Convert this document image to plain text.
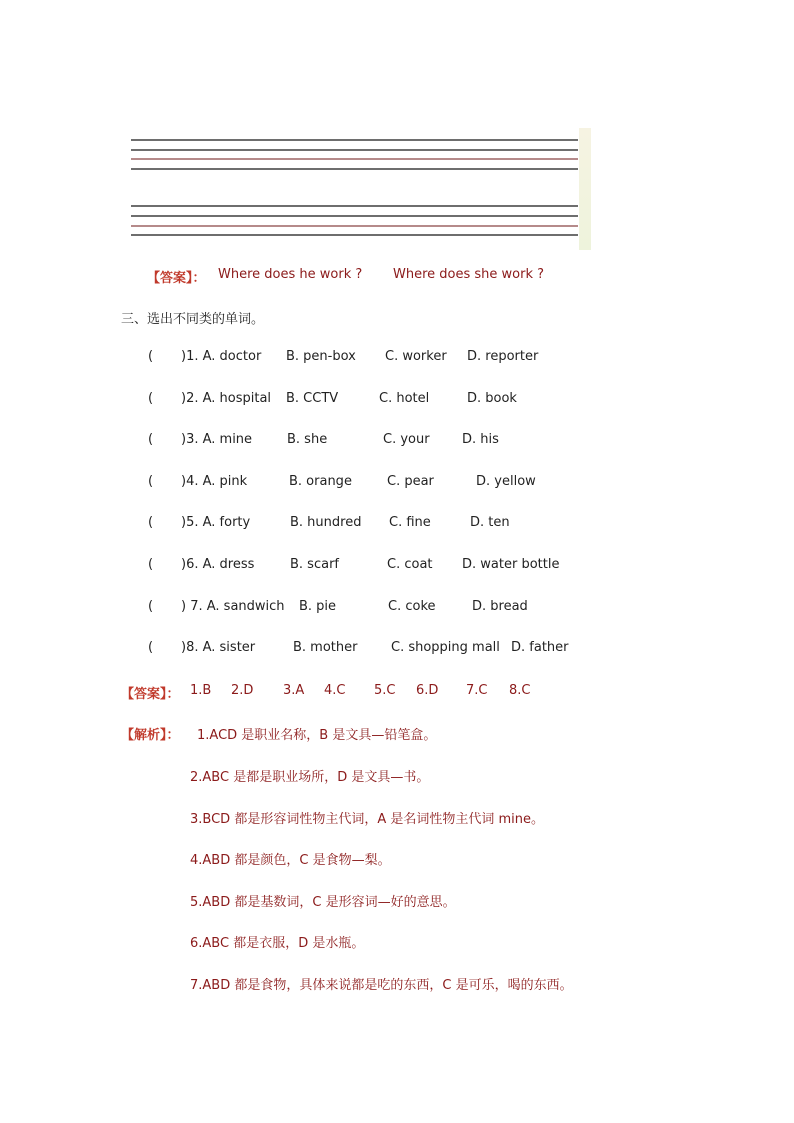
【答案】： Where does he work ? Where does she work ?
三、选出不同类的单词。
( )1. A. doctor B. pen-box C. worker D. reporter
( )2. A. hospital B. CCTV	C. hotel	D. book
( )3. A. mine	B. she	C. your D. his
( )4. A. pink	B. orange	C. pear	D. yellow
( )5. A. forty	B. hundred C. fine	D. ten
( )6. A. dress	B. scarf	C. coat D. water bottle
( ) 7. A. sandwich B. pie	C. coke	D. bread
( )8. A. sister	B. mother	C. shopping mall D. father
【答案】： 1.B 2.D 3.A 4.C 5.C 6.D 7.C 8.C
【解析】： 1.ACD 是职业名称，B 是文具—铅笔盒。
2.ABC 是都是职业场所，D 是文具—书。
3.BCD 都是形容词性物主代词，A 是名词性物主代词 mine。
4.ABD 都是颜色，C 是食物—梨。
5.ABD 都是基数词，C 是形容词—好的意思。
6.ABC 都是衣服，D 是水瓶。
7.ABD 都是食物，具体来说都是吃的东西，C 是可乐，喝的东西。
